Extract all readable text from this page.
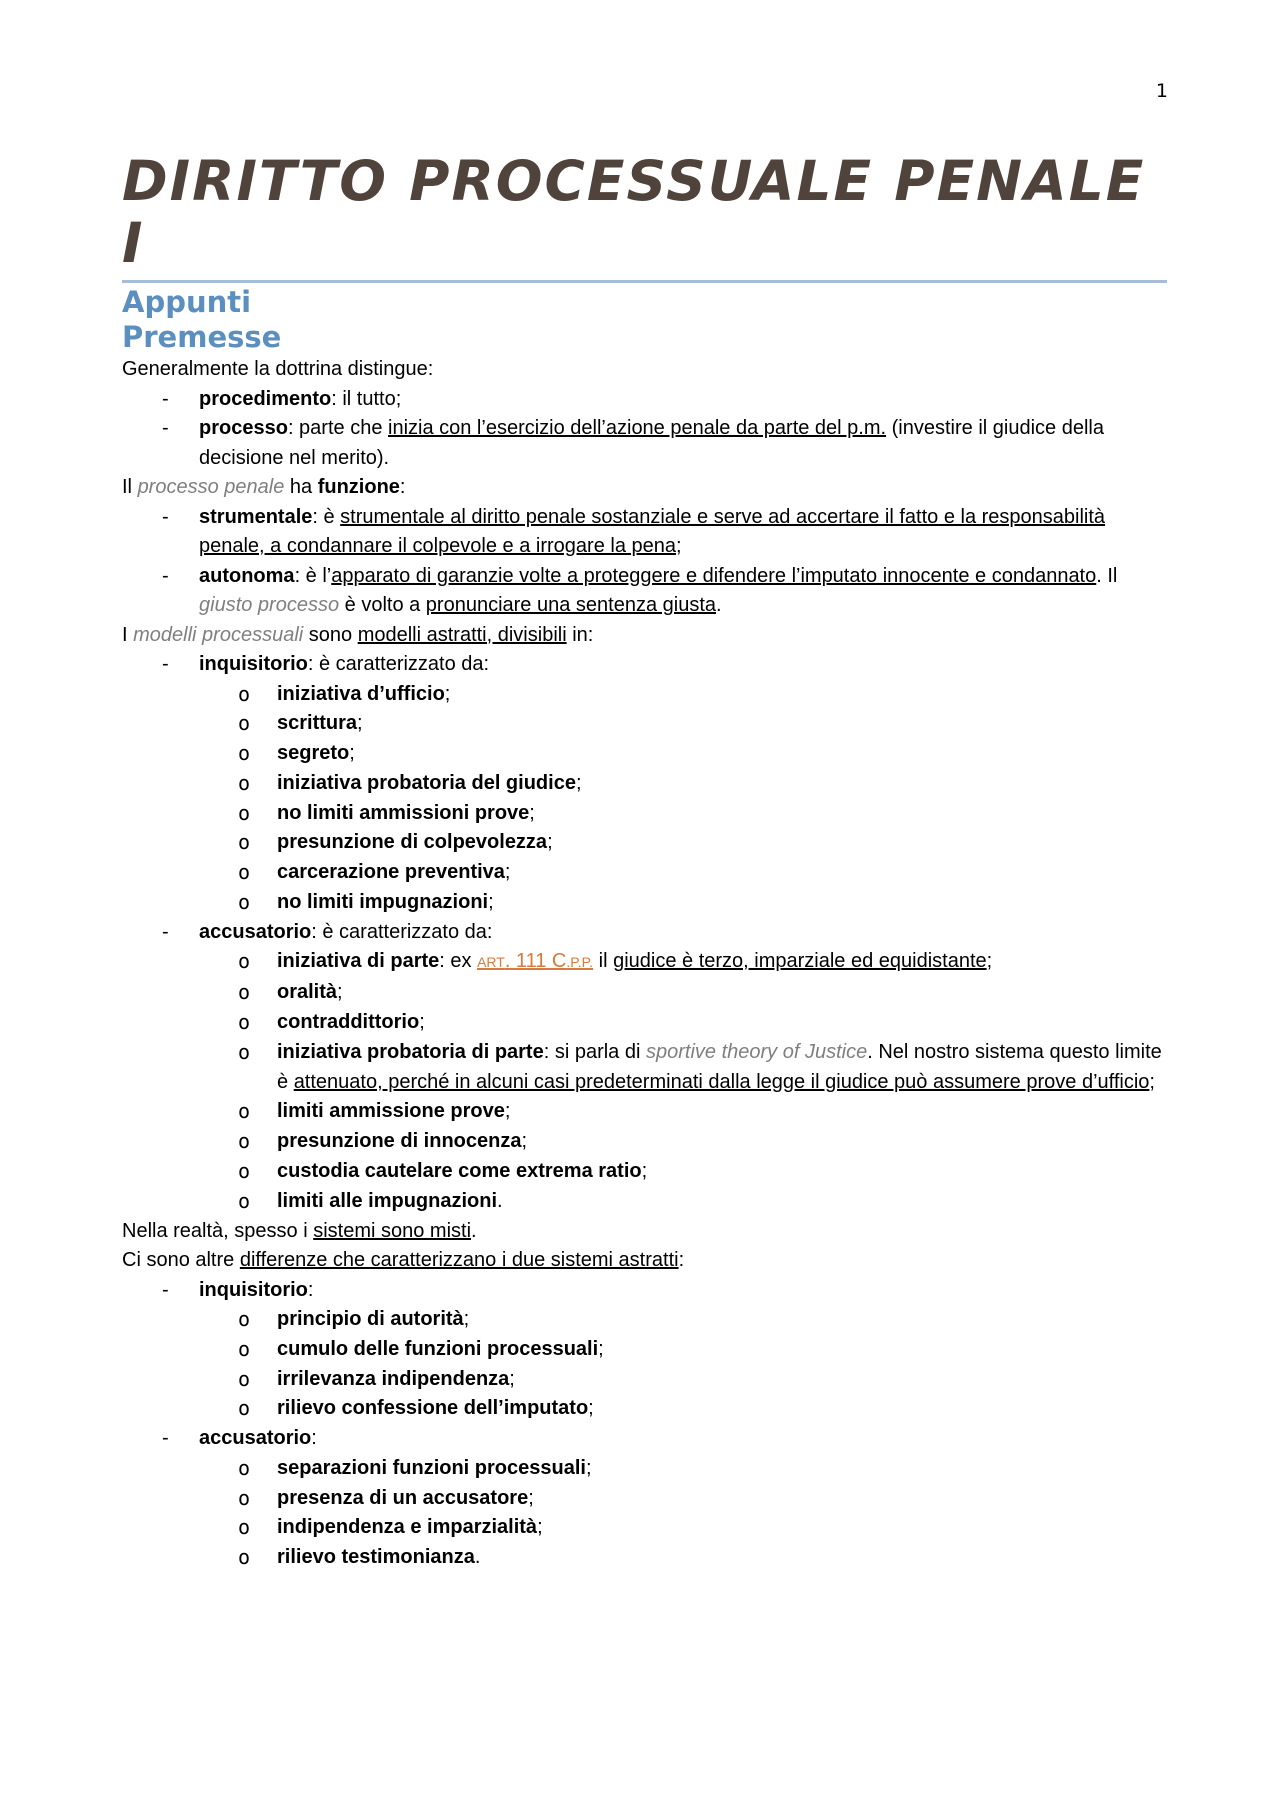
1
DIRITTO PROCESSUALE PENALE I
Appunti
Premesse

Generalmente la dottrina distingue:

- procedimento: il tutto;
- processo: parte che inizia con l’esercizio dell’azione penale da parte del p.m. (investire il giudice della decisione nel merito).

Il processo penale ha funzione:

- strumentale: è strumentale al diritto penale sostanziale e serve ad accertare il fatto e la responsabilità penale, a condannare il colpevole e a irrogare la pena;
- autonoma: è l’apparato di garanzie volte a proteggere e difendere l’imputato innocente e condannato. Il giusto processo è volto a pronunciare una sentenza giusta.

I modelli processuali sono modelli astratti, divisibili in:

- inquisitorio: è caratterizzato da:
o iniziativa d’ufficio;
o scrittura;
o segreto;
o iniziativa probatoria del giudice;
o no limiti ammissioni prove;
o presunzione di colpevolezza;
o carcerazione preventiva;
o no limiti impugnazioni;
- accusatorio: è caratterizzato da:
o iniziativa di parte: ex ART. 111 C.P.P. il giudice è terzo, imparziale ed equidistante;
o oralità;
o contraddittorio;
o iniziativa probatoria di parte: si parla di sportive theory of Justice. Nel nostro sistema questo limite è attenuato, perché in alcuni casi predeterminati dalla legge il giudice può assumere prove d’ufficio;
o limiti ammissione prove;
o presunzione di innocenza;
o custodia cautelare come extrema ratio;
o limiti alle impugnazioni.

Nella realtà, spesso i sistemi sono misti.

Ci sono altre differenze che caratterizzano i due sistemi astratti:

- inquisitorio:
o principio di autorità;
o cumulo delle funzioni processuali;
o irrilevanza indipendenza;
o rilievo confessione dell’imputato;
- accusatorio:
o separazioni funzioni processuali;
o presenza di un accusatore;
o indipendenza e imparzialità;
o rilievo testimonianza.
